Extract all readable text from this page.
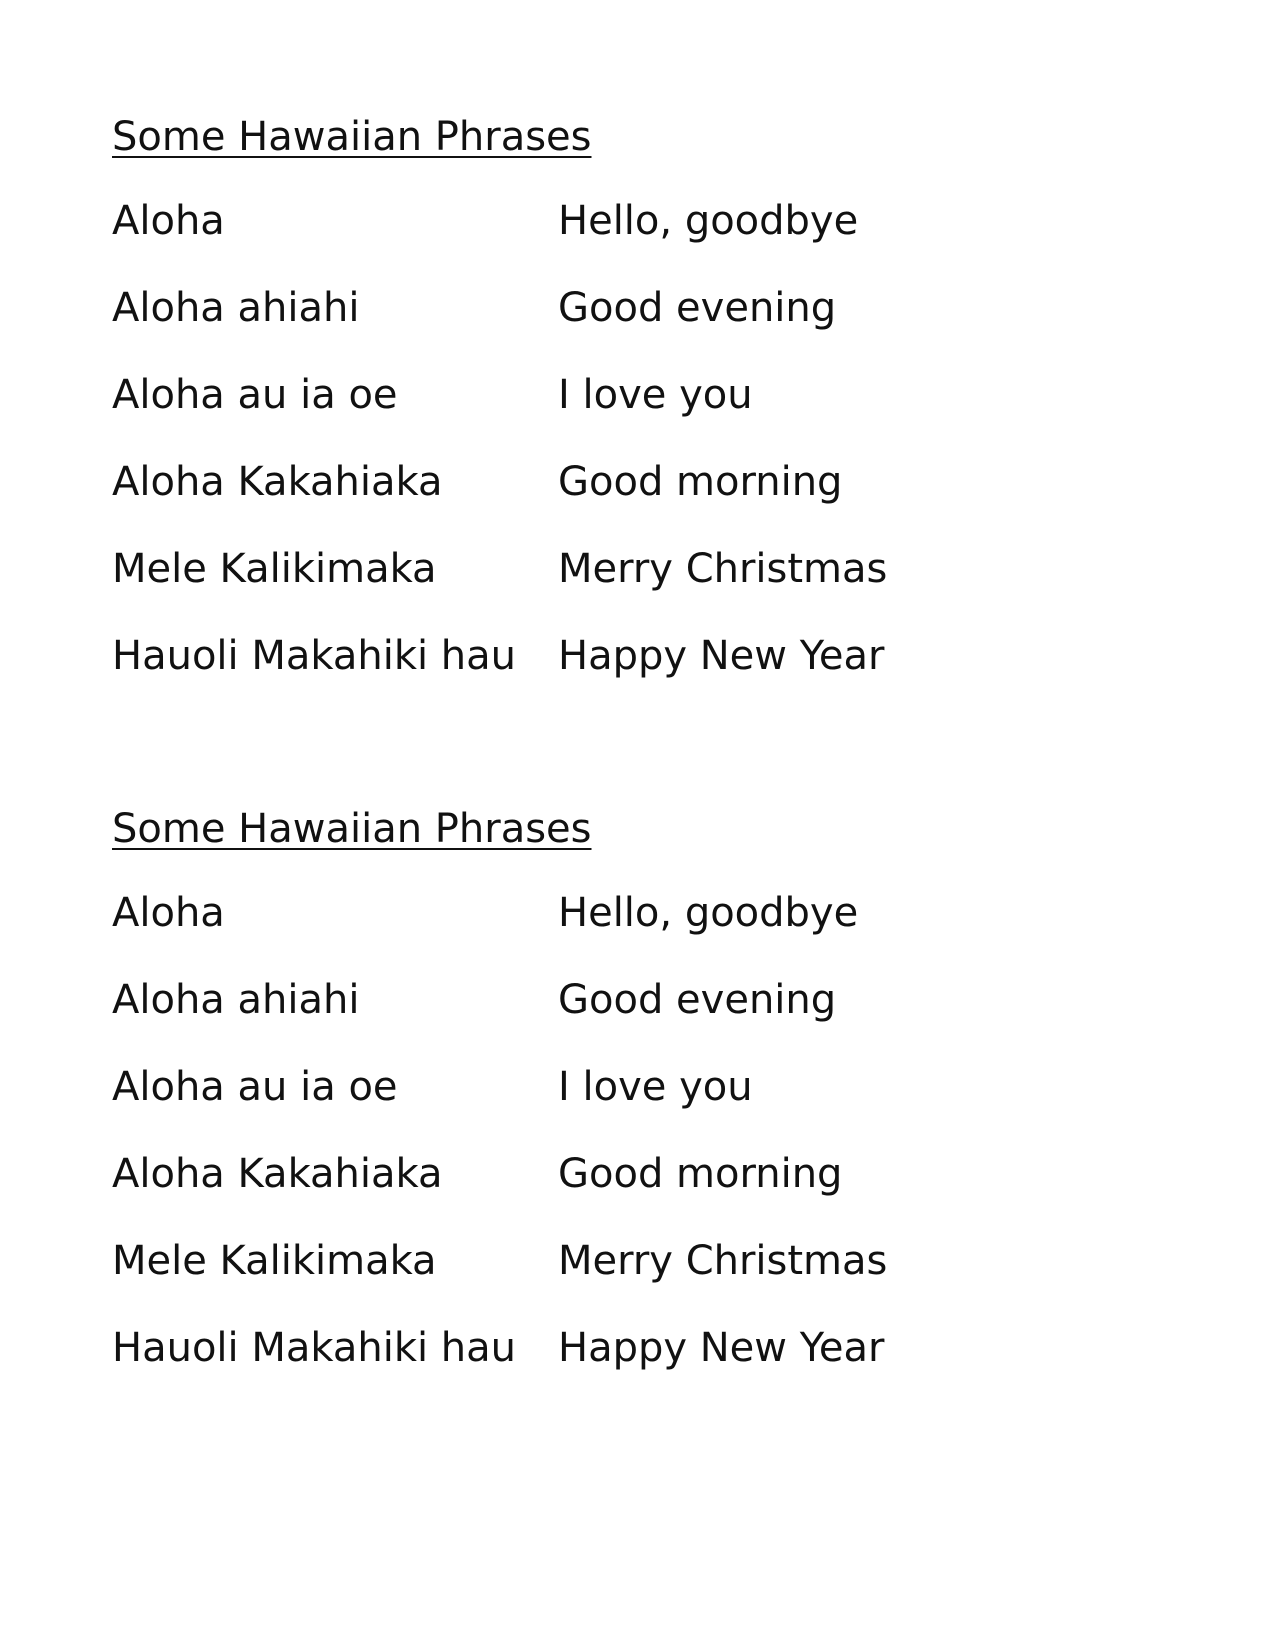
Some Hawaiian Phrases
Aloha	Hello, goodbye
Aloha ahiahi	Good evening
Aloha au ia oe	I love you
Aloha Kakahiaka	Good morning
Mele Kalikimaka	Merry Christmas
Hauoli Makahiki hau	Happy New Year
Some Hawaiian Phrases
Aloha	Hello, goodbye
Aloha ahiahi	Good evening
Aloha au ia oe	I love you
Aloha Kakahiaka	Good morning
Mele Kalikimaka	Merry Christmas
Hauoli Makahiki hau	Happy New Year
